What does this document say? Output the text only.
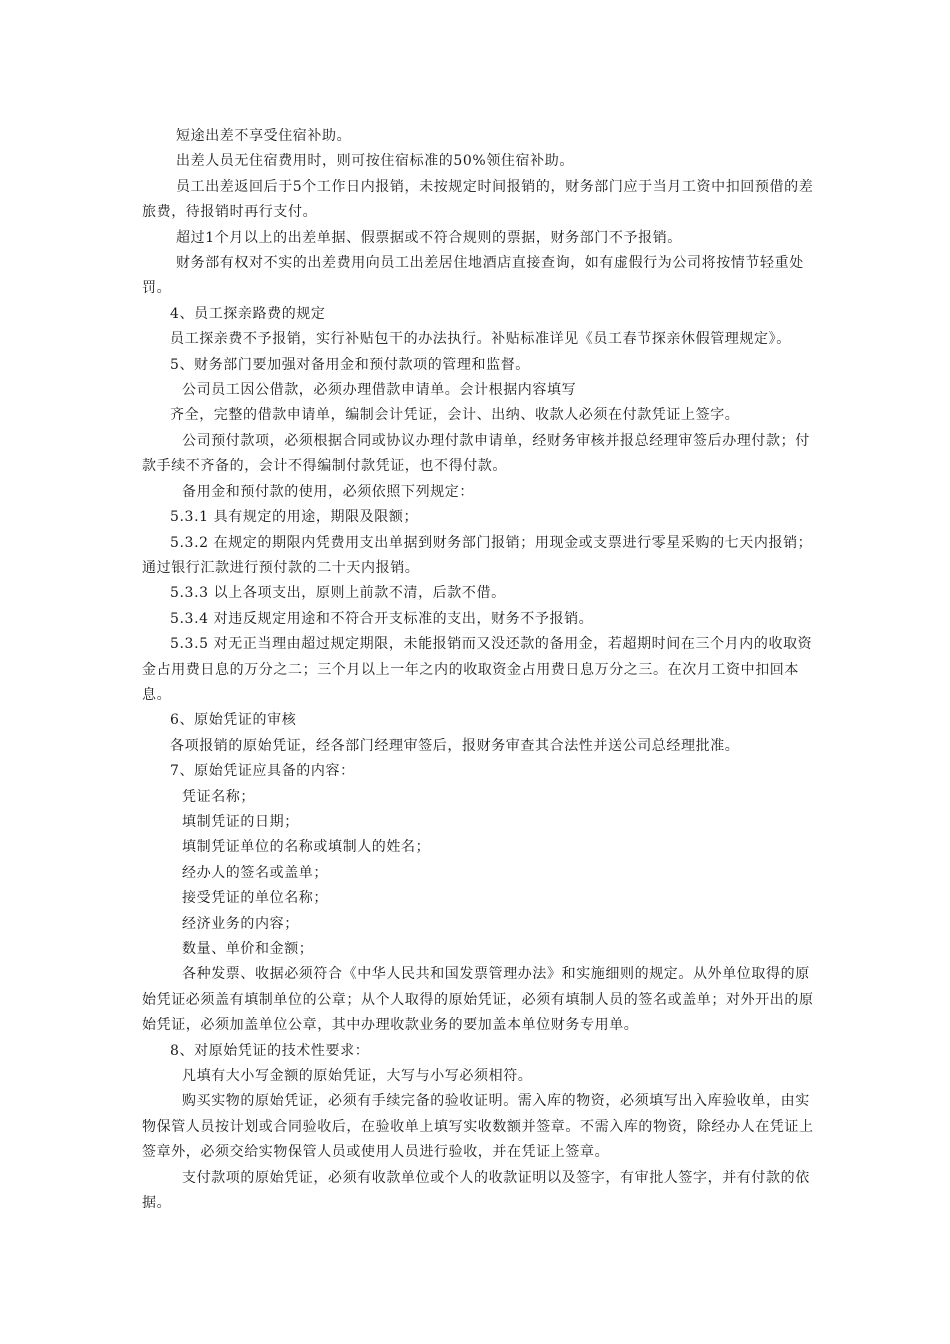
短途出差不享受住宿补助。

出差人员无住宿费用时，则可按住宿标准的50%领住宿补助。

员工出差返回后于5个工作日内报销，未按规定时间报销的，财务部门应于当月工资中扣回预借的差旅费，待报销时再行支付。

超过1个月以上的出差单据、假票据或不符合规则的票据，财务部门不予报销。

财务部有权对不实的出差费用向员工出差居住地酒店直接查询，如有虚假行为公司将按情节轻重处罚。

4、员工探亲路费的规定

员工探亲费不予报销，实行补贴包干的办法执行。补贴标准详见《员工春节探亲休假管理规定》。

5、财务部门要加强对备用金和预付款项的管理和监督。

公司员工因公借款，必须办理借款申请单。会计根据内容填写

齐全，完整的借款申请单，编制会计凭证，会计、出纳、收款人必须在付款凭证上签字。

公司预付款项，必须根据合同或协议办理付款申请单，经财务审核并报总经理审签后办理付款；付款手续不齐备的，会计不得编制付款凭证，也不得付款。

备用金和预付款的使用，必须依照下列规定：

5.3.1 具有规定的用途，期限及限额；

5.3.2 在规定的期限内凭费用支出单据到财务部门报销；用现金或支票进行零星采购的七天内报销；通过银行汇款进行预付款的二十天内报销。

5.3.3 以上各项支出，原则上前款不清，后款不借。

5.3.4 对违反规定用途和不符合开支标准的支出，财务不予报销。

5.3.5 对无正当理由超过规定期限，未能报销而又没还款的备用金，若超期时间在三个月内的收取资金占用费日息的万分之二；三个月以上一年之内的收取资金占用费日息万分之三。在次月工资中扣回本息。

6、原始凭证的审核

各项报销的原始凭证，经各部门经理审签后，报财务审查其合法性并送公司总经理批准。

7、原始凭证应具备的内容：

凭证名称；

填制凭证的日期；

填制凭证单位的名称或填制人的姓名；

经办人的签名或盖单；

接受凭证的单位名称；

经济业务的内容；

数量、单价和金额；

各种发票、收据必须符合《中华人民共和国发票管理办法》和实施细则的规定。从外单位取得的原始凭证必须盖有填制单位的公章；从个人取得的原始凭证，必须有填制人员的签名或盖单；对外开出的原始凭证，必须加盖单位公章，其中办理收款业务的要加盖本单位财务专用单。

8、对原始凭证的技术性要求：

凡填有大小写金额的原始凭证，大写与小写必须相符。

购买实物的原始凭证，必须有手续完备的验收证明。需入库的物资，必须填写出入库验收单，由实物保管人员按计划或合同验收后，在验收单上填写实收数额并签章。不需入库的物资，除经办人在凭证上签章外，必须交给实物保管人员或使用人员进行验收，并在凭证上签章。

支付款项的原始凭证，必须有收款单位或个人的收款证明以及签字，有审批人签字，并有付款的依据。
